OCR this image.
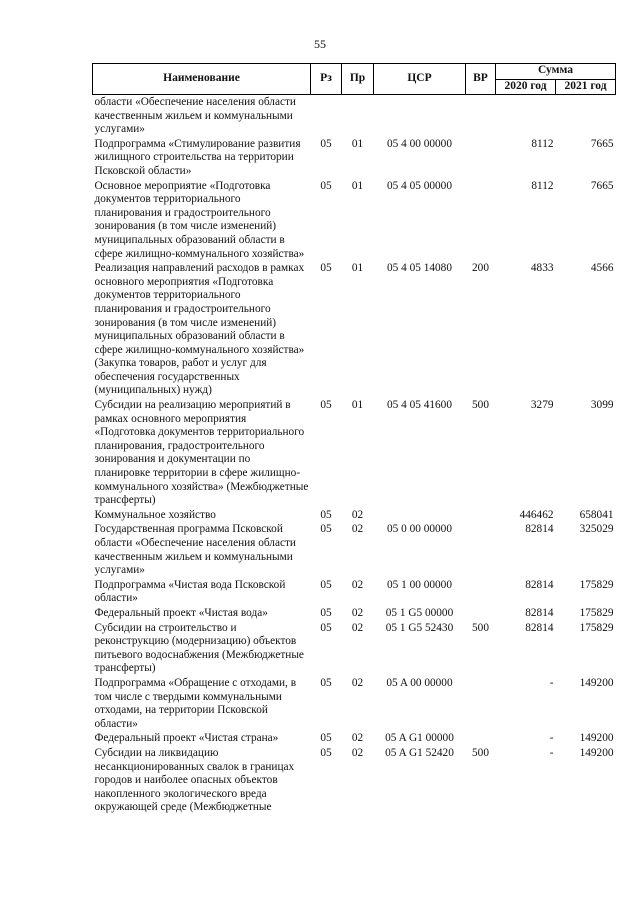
55
Наименование	Рз	Пр	ЦСР	ВР	Сумма	
					2020 год	2021 год
области «Обеспечение населения области качественным жильем и коммунальными услугами»						
Подпрограмма «Стимулирование развития жилищного строительства на территории Псковской области»	05	01	05 4 00 00000		8112	7665
Основное мероприятие «Подготовка документов территориального планирования и градостроительного зонирования (в том числе изменений) муниципальных образований области в сфере жилищно-коммунального хозяйства»	05	01	05 4 05 00000		8112	7665
Реализация направлений расходов в рамках основного мероприятия «Подготовка документов территориального планирования и градостроительного зонирования (в том числе изменений) муниципальных образований области в сфере жилищно-коммунального хозяйства» (Закупка товаров, работ и услуг для обеспечения государственных (муниципальных) нужд)	05	01	05 4 05 14080	200	4833	4566
Субсидии на реализацию мероприятий в рамках основного мероприятия «Подготовка документов территориального планирования, градостроительного зонирования и документации по планировке территории в сфере жилищно-коммунального хозяйства» (Межбюджетные трансферты)	05	01	05 4 05 41600	500	3279	3099
Коммунальное хозяйство	05	02			446462	658041
Государственная программа Псковской области «Обеспечение населения области качественным жильем и коммунальными услугами»	05	02	05 0 00 00000		82814	325029
Подпрограмма «Чистая вода Псковской области»	05	02	05 1 00 00000		82814	175829
Федеральный проект «Чистая вода»	05	02	05 1 G5 00000		82814	175829
Субсидии на строительство и реконструкцию (модернизацию) объектов питьевого водоснабжения (Межбюджетные трансферты)	05	02	05 1 G5 52430	500	82814	175829
Подпрограмма «Обращение с отходами, в том числе с твердыми коммунальными отходами, на территории Псковской области»	05	02	05 A 00 00000		-	149200
Федеральный проект «Чистая страна»	05	02	05 A G1 00000		-	149200
Субсидии на ликвидацию несанкционированных свалок в границах городов и наиболее опасных объектов накопленного экологического вреда окружающей среде (Межбюджетные	05	02	05 A G1 52420	500	-	149200
